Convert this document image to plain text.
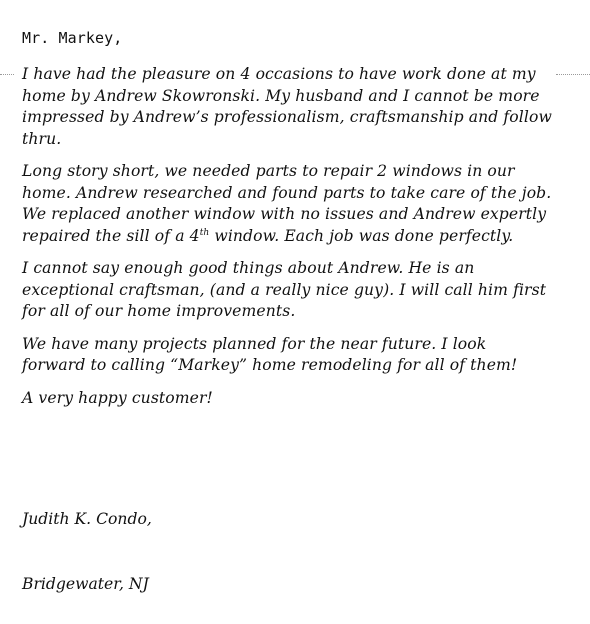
Mr. Markey,

I have had the pleasure on 4 occasions to have work done at my home by Andrew Skowronski. My husband and I cannot be more impressed by Andrew’s professionalism, craftsmanship and follow thru.

Long story short, we needed parts to repair 2 windows in our home. Andrew researched and found parts to take care of the job. We replaced another window with no issues and Andrew expertly repaired the sill of a 4th window. Each job was done perfectly.

I cannot say enough good things about Andrew. He is an exceptional craftsman, (and a really nice guy). I will call him first for all of our home improvements.

We have many projects planned for the near future. I look forward to calling “Markey” home remodeling for all of them!

A very happy customer!

Judith K. Condo,
Bridgewater, NJ
